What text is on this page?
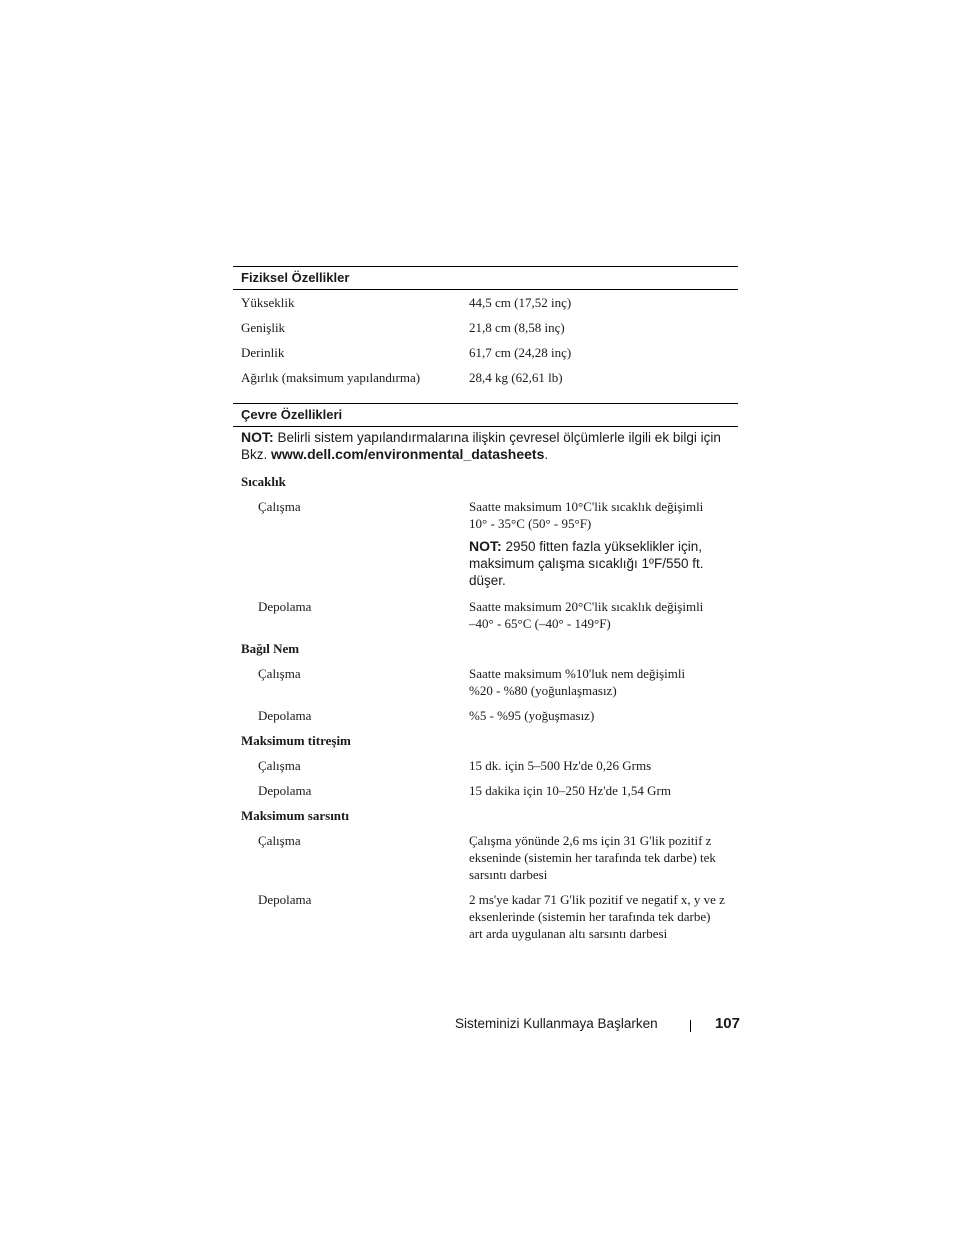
Fiziksel Özellikler
Yükseklik	44,5 cm (17,52 inç)
Genişlik	21,8 cm (8,58 inç)
Derinlik	61,7 cm (24,28 inç)
Ağırlık (maksimum yapılandırma)	28,4 kg (62,61 lb)
Çevre Özellikleri
NOT: Belirli sistem yapılandırmalarına ilişkin çevresel ölçümlerle ilgili ek bilgi için Bkz. www.dell.com/environmental_datasheets.
Sıcaklık
Çalışma	Saatte maksimum 10°C'lik sıcaklık değişimli
10° - 35°C (50° - 95°F)
NOT: 2950 fitten fazla yükseklikler için, maksimum çalışma sıcaklığı 1ºF/550 ft. düşer.
Depolama	Saatte maksimum 20°C'lik sıcaklık değişimli
–40° - 65°C (–40° - 149°F)
Bağıl Nem
Çalışma	Saatte maksimum %10'luk nem değişimli
%20 - %80 (yoğunlaşmasız)
Depolama	%5 - %95 (yoğuşmasız)
Maksimum titreşim
Çalışma	15 dk. için 5–500 Hz'de 0,26 Grms
Depolama	15 dakika için 10–250 Hz'de 1,54 Grm
Maksimum sarsıntı
Çalışma	Çalışma yönünde 2,6 ms için 31 G'lik pozitif z ekseninde (sistemin her tarafında tek darbe) tek sarsıntı darbesi
Depolama	2 ms'ye kadar 71 G'lik pozitif ve negatif x, y ve z eksenlerinde (sistemin her tarafında tek darbe) art arda uygulanan altı sarsıntı darbesi
Sisteminizi Kullanmaya Başlarken	107
